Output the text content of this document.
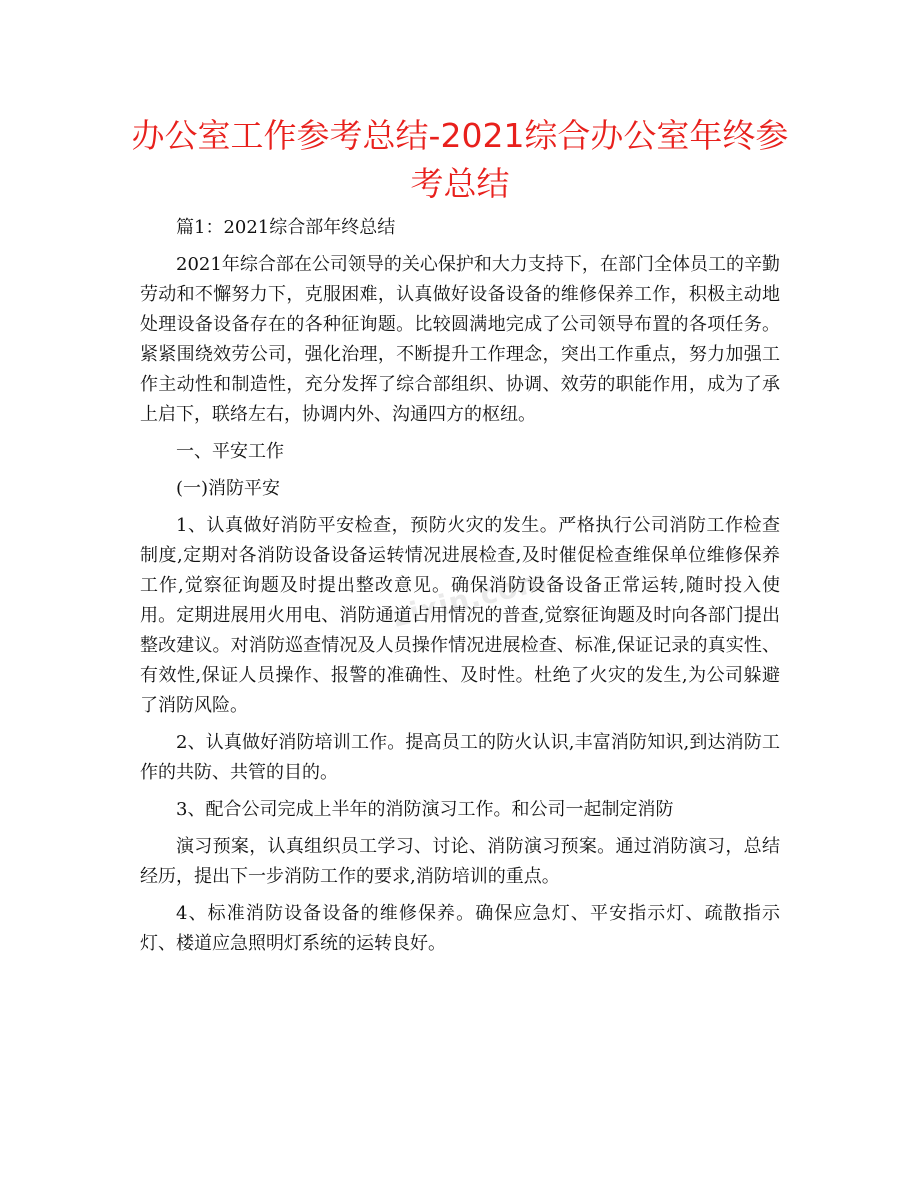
办公室工作参考总结-2021综合办公室年终参考总结
zixin.com

篇1：2021综合部年终总结

2021年综合部在公司领导的关心保护和大力支持下，在部门全体员工的辛勤劳动和不懈努力下，克服困难，认真做好设备设备的维修保养工作，积极主动地处理设备设备存在的各种征询题。比较圆满地完成了公司领导布置的各项任务。紧紧围绕效劳公司，强化治理，不断提升工作理念，突出工作重点，努力加强工作主动性和制造性，充分发挥了综合部组织、协调、效劳的职能作用，成为了承上启下，联络左右，协调内外、沟通四方的枢纽。

一、平安工作

(一)消防平安

1、认真做好消防平安检查，预防火灾的发生。严格执行公司消防工作检查制度,定期对各消防设备设备运转情况进展检查,及时催促检查维保单位维修保养工作,觉察征询题及时提出整改意见。确保消防设备设备正常运转,随时投入使用。定期进展用火用电、消防通道占用情况的普查,觉察征询题及时向各部门提出整改建议。对消防巡查情况及人员操作情况进展检查、标准,保证记录的真实性、有效性,保证人员操作、报警的准确性、及时性。杜绝了火灾的发生,为公司躲避了消防风险。

2、认真做好消防培训工作。提高员工的防火认识,丰富消防知识,到达消防工作的共防、共管的目的。

3、配合公司完成上半年的消防演习工作。和公司一起制定消防

演习预案，认真组织员工学习、讨论、消防演习预案。通过消防演习，总结经历，提出下一步消防工作的要求,消防培训的重点。

4、标准消防设备设备的维修保养。确保应急灯、平安指示灯、疏散指示灯、楼道应急照明灯系统的运转良好。
